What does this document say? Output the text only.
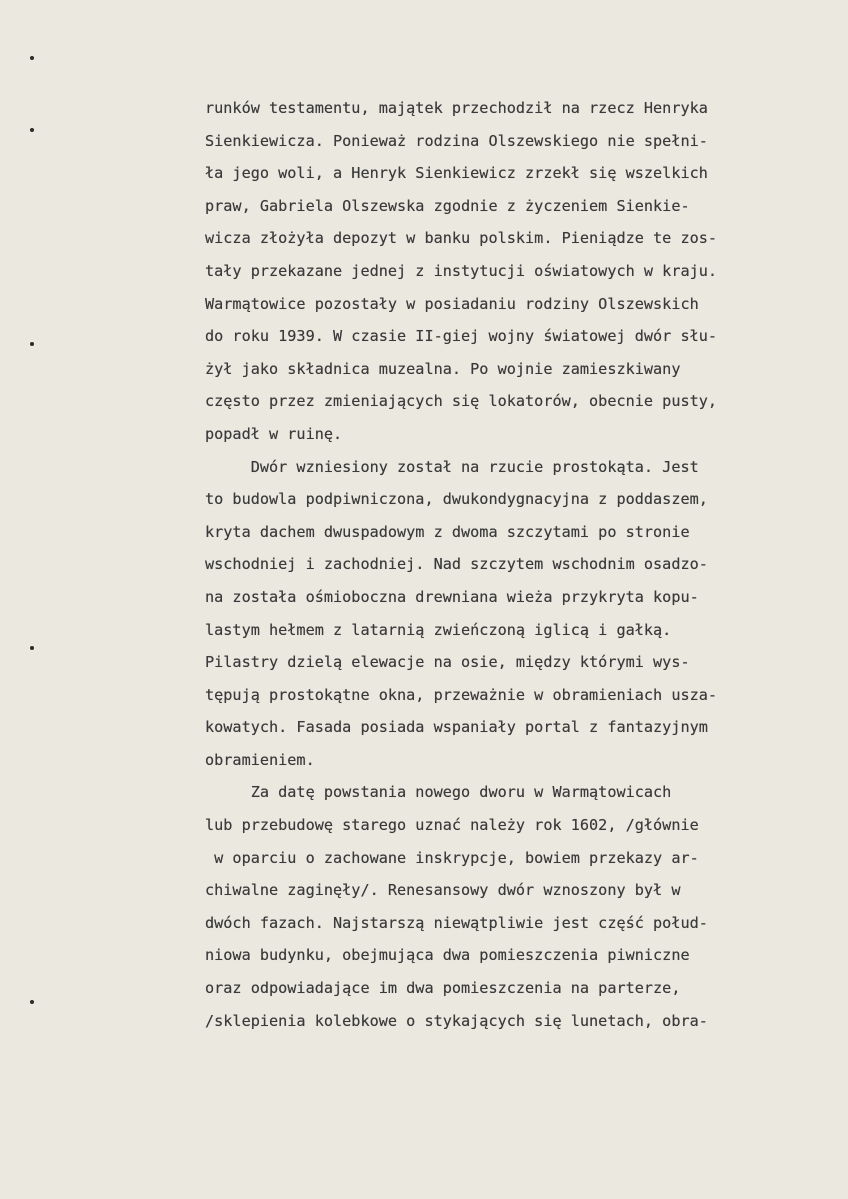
runków testamentu, majątek przechodził na rzecz Henryka
Sienkiewicza. Ponieważ rodzina Olszewskiego nie spełni-
ła jego woli, a Henryk Sienkiewicz zrzekł się wszelkich
praw, Gabriela Olszewska zgodnie z życzeniem Sienkie-
wicza złożyła depozyt w banku polskim. Pieniądze te zos-
tały przekazane jednej z instytucji oświatowych w kraju.
Warmątowice pozostały w posiadaniu rodziny Olszewskich
do roku 1939. W czasie II-giej wojny światowej dwór słu-
żył jako składnica muzealna. Po wojnie zamieszkiwany
często przez zmieniających się lokatorów, obecnie pusty,
popadł w ruinę.
Dwór wzniesiony został na rzucie prostokąta. Jest
to budowla podpiwniczona, dwukondygnacyjna z poddaszem,
kryta dachem dwuspadowym z dwoma szczytami po stronie
wschodniej i zachodniej. Nad szczytem wschodnim osadzo-
na została ośmioboczna drewniana wieża przykryta kopu-
lastym hełmem z latarnią zwieńczoną iglicą i gałką.
Pilastry dzielą elewacje na osie, między którymi wys-
tępują prostokątne okna, przeważnie w obramieniach uszа-
kowatych. Fasada posiada wspaniały portal z fantazyjnym
obramieniem.
Za datę powstania nowego dworu w Warmątowicach
lub przebudowę starego uznać należy rok 1602, /głównie
w oparciu o zachowane inskrypcje, bowiem przekazy ar-
chiwalne zaginęły/. Renesansowy dwór wznoszony był w
dwóch fazach. Najstarszą niewątpliwie jest część połud-
niowa budynku, obejmująca dwa pomieszczenia piwniczne
oraz odpowiadające im dwa pomieszczenia na parterze,
/sklepienia kolebkowe o stykających się lunetach, obra-
